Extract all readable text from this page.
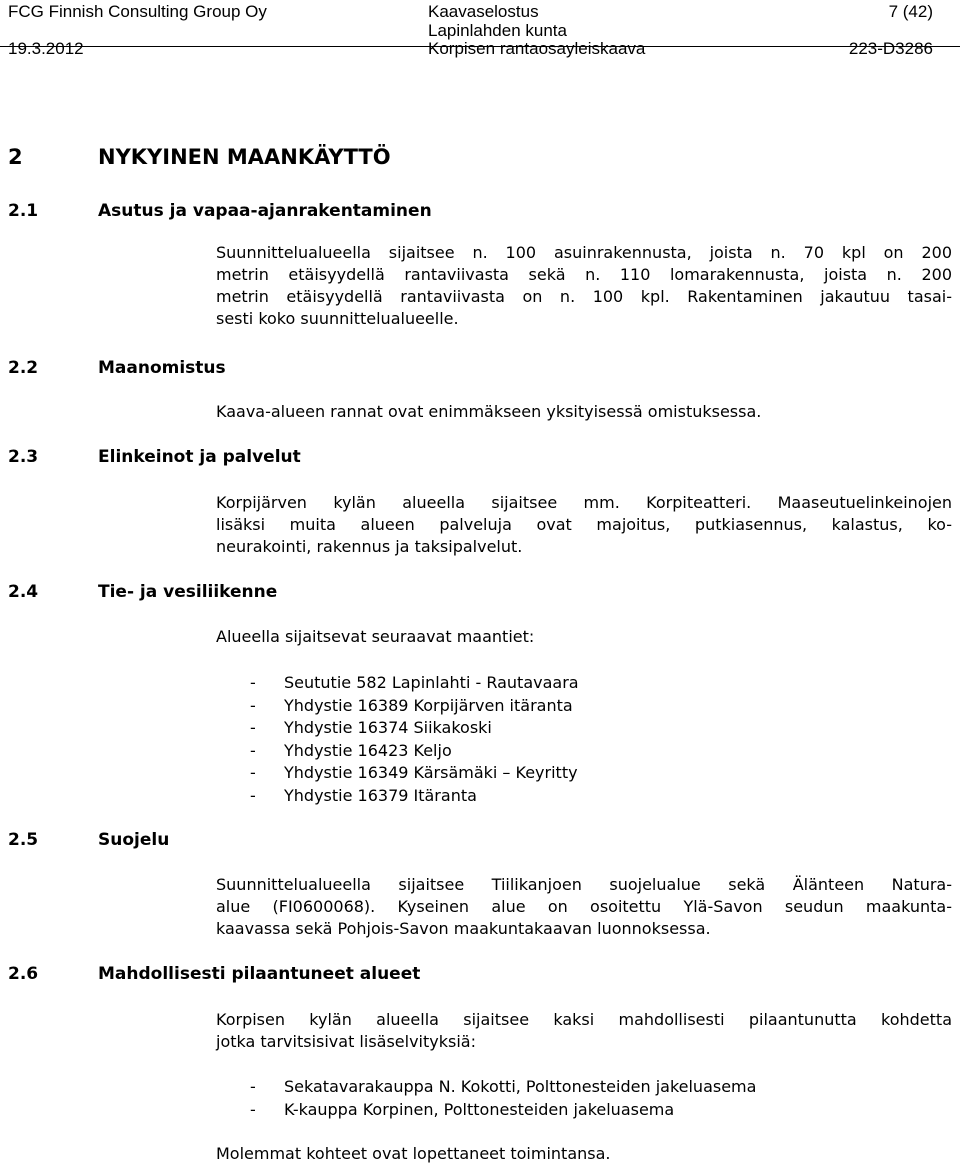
FCG Finnish Consulting Group Oy
19.3.2012
Kaavaselostus
Lapinlahden kunta
Korpisen rantaosayleiskaava
7 (42)
223-D3286
2	NYKYINEN MAANKÄYTTÖ
2.1	Asutus ja vapaa-ajanrakentaminen
Suunnittelualueella sijaitsee n. 100 asuinrakennusta, joista n. 70 kpl on 200
metrin etäisyydellä rantaviivasta sekä n. 110 lomarakennusta, joista n. 200
metrin etäisyydellä rantaviivasta on n. 100 kpl. Rakentaminen jakautuu tasai-
sesti koko suunnittelualueelle.
2.2	Maanomistus
Kaava-alueen rannat ovat enimmäkseen yksityisessä omistuksessa.
2.3	Elinkeinot ja palvelut
Korpijärven kylän alueella sijaitsee mm. Korpiteatteri. Maaseutuelinkeinojen
lisäksi muita alueen palveluja ovat majoitus, putkiasennus, kalastus, ko-
neurakointi, rakennus ja taksipalvelut.
2.4	Tie- ja vesiliikenne
Alueella sijaitsevat seuraavat maantiet:
- Seututie 582 Lapinlahti - Rautavaara
- Yhdystie 16389 Korpijärven itäranta
- Yhdystie 16374 Siikakoski
- Yhdystie 16423 Keljo
- Yhdystie 16349 Kärsämäki – Keyritty
- Yhdystie 16379 Itäranta
2.5	Suojelu
Suunnittelualueella sijaitsee Tiilikanjoen suojelualue sekä Älänteen Natura-
alue (FI0600068). Kyseinen alue on osoitettu Ylä-Savon seudun maakunta-
kaavassa sekä Pohjois-Savon maakuntakaavan luonnoksessa.
2.6	Mahdollisesti pilaantuneet alueet
Korpisen kylän alueella sijaitsee kaksi mahdollisesti pilaantunutta kohdetta
jotka tarvitsisivat lisäselvityksiä:
- Sekatavarakauppa N. Kokotti, Polttonesteiden jakeluasema
- K-kauppa Korpinen, Polttonesteiden jakeluasema
Molemmat kohteet ovat lopettaneet toimintansa.
